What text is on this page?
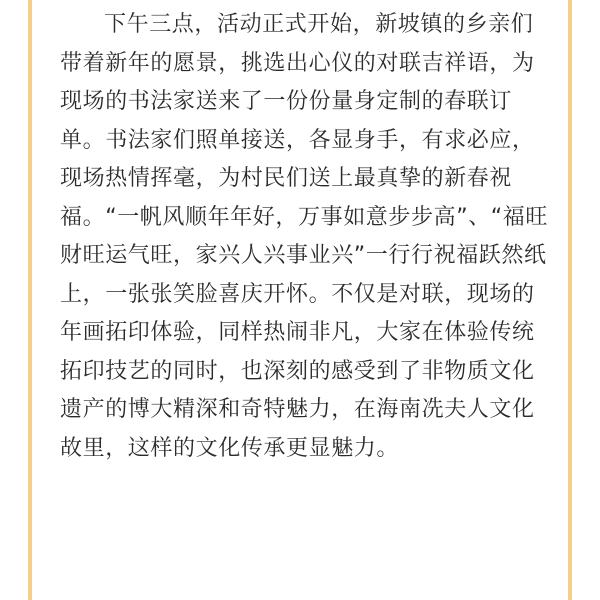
下午三点，活动正式开始，新坡镇的乡亲们
带着新年的愿景，挑选出心仪的对联吉祥语，为
现场的书法家送来了一份份量身定制的春联订
单。书法家们照单接送，各显身手，有求必应，
现场热情挥毫，为村民们送上最真挚的新春祝
福。“一帆风顺年年好，万事如意步步高”、“福旺
财旺运气旺，家兴人兴事业兴”一行行祝福跃然纸
上，一张张笑脸喜庆开怀。不仅是对联，现场的
年画拓印体验，同样热闹非凡，大家在体验传统
拓印技艺的同时，也深刻的感受到了非物质文化
遗产的博大精深和奇特魅力，在海南冼夫人文化
故里，这样的文化传承更显魅力。
